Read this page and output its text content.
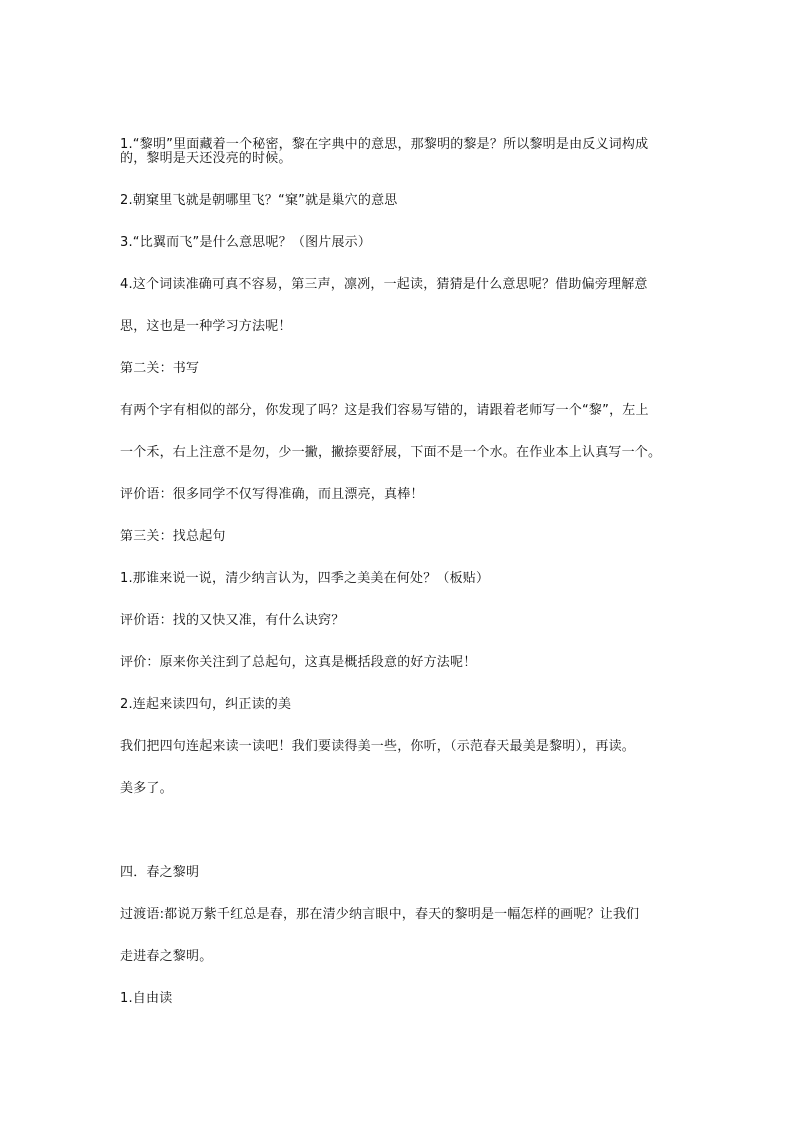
1.“黎明”里面藏着一个秘密，黎在字典中的意思，那黎明的黎是？所以黎明是由反义词构成
的，黎明是天还没亮的时候。
2.朝窠里飞就是朝哪里飞？“窠”就是巢穴的意思
3.“比翼而飞”是什么意思呢？（图片展示）
4.这个词读准确可真不容易，第三声，凛冽，一起读，猜猜是什么意思呢？借助偏旁理解意
思，这也是一种学习方法呢！
第二关：书写
有两个字有相似的部分，你发现了吗？这是我们容易写错的，请跟着老师写一个“黎”，左上
一个禾，右上注意不是勿，少一撇，撇捺要舒展，下面不是一个水。在作业本上认真写一个。
评价语：很多同学不仅写得准确，而且漂亮，真棒！
第三关：找总起句
1.那谁来说一说，清少纳言认为，四季之美美在何处？（板贴）
评价语：找的又快又准，有什么诀窍？
评价：原来你关注到了总起句，这真是概括段意的好方法呢！
2.连起来读四句，纠正读的美
我们把四句连起来读一读吧！我们要读得美一些，你听，（示范春天最美是黎明），再读。
美多了。
四．春之黎明
过渡语:都说万紫千红总是春，那在清少纳言眼中，春天的黎明是一幅怎样的画呢？让我们
走进春之黎明。
1.自由读
